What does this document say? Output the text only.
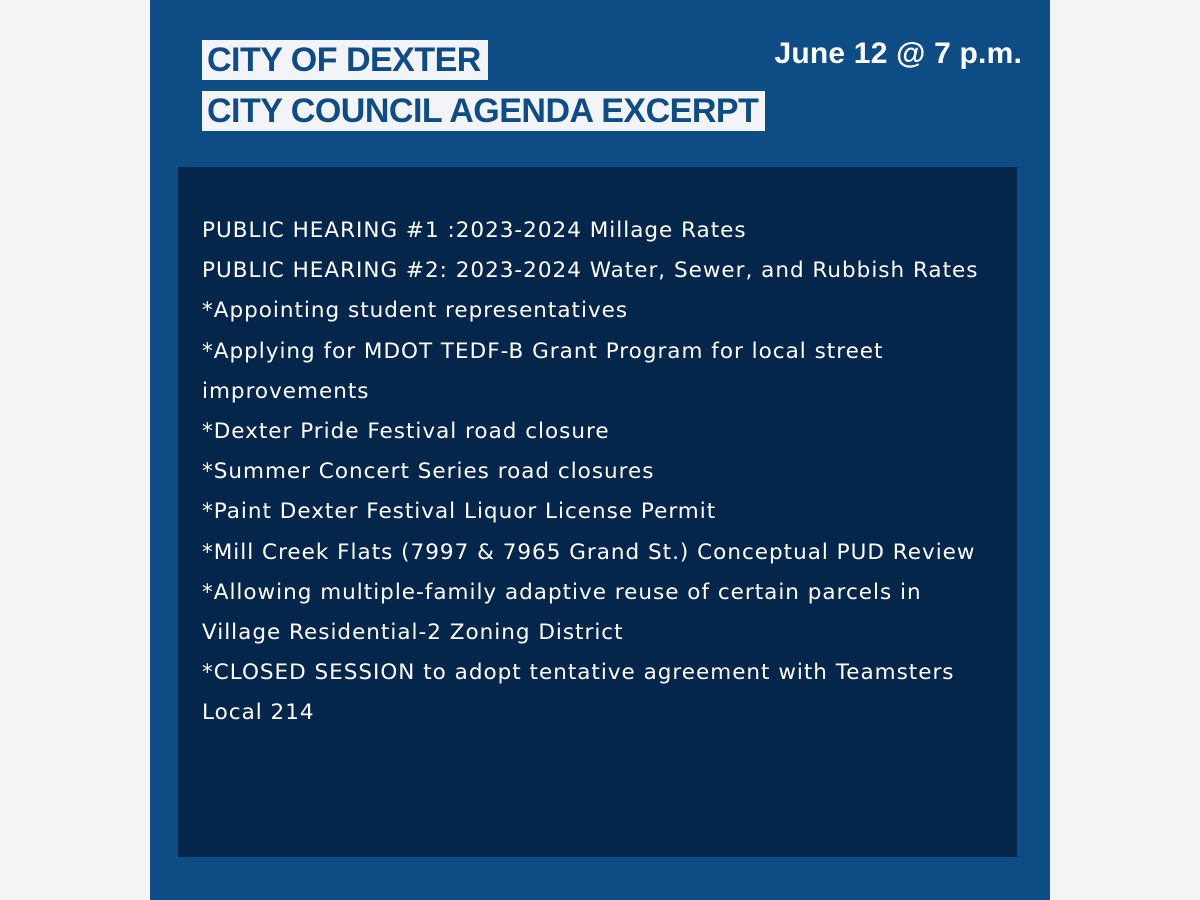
CITY OF DEXTER
CITY COUNCIL AGENDA EXCERPT
June 12 @ 7 p.m.
PUBLIC HEARING #1 :2023-2024 Millage Rates
PUBLIC HEARING #2: 2023-2024 Water, Sewer, and Rubbish Rates
*Appointing student representatives
*Applying for MDOT TEDF-B Grant Program for local street improvements
*Dexter Pride Festival road closure
*Summer Concert Series road closures
*Paint Dexter Festival Liquor License Permit
*Mill Creek Flats (7997 & 7965 Grand St.) Conceptual PUD Review
*Allowing multiple-family adaptive reuse of certain parcels in Village Residential-2 Zoning District
*CLOSED SESSION to adopt tentative agreement with Teamsters Local 214
